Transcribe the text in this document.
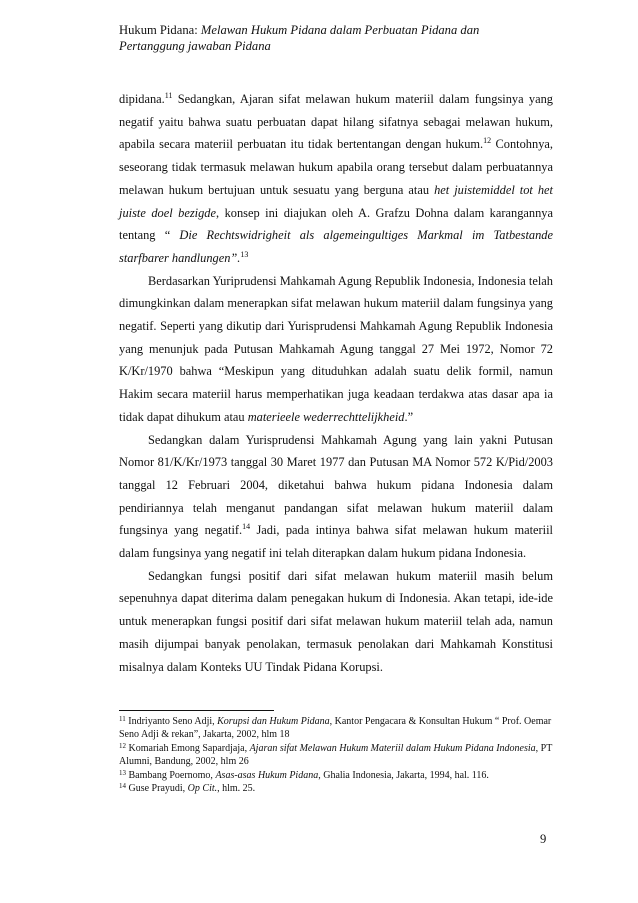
Hukum Pidana: Melawan Hukum Pidana dalam Perbuatan Pidana dan
Pertanggung jawaban Pidana

dipidana.$^{11}$ Sedangkan, Ajaran sifat melawan hukum materiil dalam fungsinya yang negatif yaitu bahwa suatu perbuatan dapat hilang sifatnya sebagai melawan hukum, apabila secara materiil perbuatan itu tidak bertentangan dengan hukum.$^{12}$ Contohnya, seseorang tidak termasuk melawan hukum apabila orang tersebut dalam perbuatannya melawan hukum bertujuan untuk sesuatu yang berguna atau het juistemiddel tot het juiste doel bezigde, konsep ini diajukan oleh A. Grafzu Dohna dalam karangannya tentang “ Die Rechtswidrigheit als algemeingultiges Markmal im Tatbestande starfbarer handlungen”.$^{13}$

Berdasarkan Yuriprudensi Mahkamah Agung Republik Indonesia, Indonesia telah dimungkinkan dalam menerapkan sifat melawan hukum materiil dalam fungsinya yang negatif. Seperti yang dikutip dari Yurisprudensi Mahkamah Agung Republik Indonesia yang menunjuk pada Putusan Mahkamah Agung tanggal 27 Mei 1972, Nomor 72 K/Kr/1970 bahwa “Meskipun yang dituduhkan adalah suatu delik formil, namun Hakim secara materiil harus memperhatikan juga keadaan terdakwa atas dasar apa ia tidak dapat dihukum atau materieele wederrechttelijkheid.”

Sedangkan dalam Yurisprudensi Mahkamah Agung yang lain yakni Putusan Nomor 81/K/Kr/1973 tanggal 30 Maret 1977 dan Putusan MA Nomor 572 K/Pid/2003 tanggal 12 Februari 2004, diketahui bahwa hukum pidana Indonesia dalam pendiriannya telah menganut pandangan sifat melawan hukum materiil dalam fungsinya yang negatif.$^{14}$ Jadi, pada intinya bahwa sifat melawan hukum materiil dalam fungsinya yang negatif ini telah diterapkan dalam hukum pidana Indonesia.

Sedangkan fungsi positif dari sifat melawan hukum materiil masih belum sepenuhnya dapat diterima dalam penegakan hukum di Indonesia. Akan tetapi, ide-ide untuk menerapkan fungsi positif dari sifat melawan hukum materiil telah ada, namun masih dijumpai banyak penolakan, termasuk penolakan dari Mahkamah Konstitusi misalnya dalam Konteks UU Tindak Pidana Korupsi.

$^{11}$ Indriyanto Seno Adji, Korupsi dan Hukum Pidana, Kantor Pengacara & Konsultan Hukum “ Prof. Oemar Seno Adji & rekan”, Jakarta, 2002, hlm 18

$^{12}$ Komariah Emong Sapardjaja, Ajaran sifat Melawan Hukum Materiil dalam Hukum Pidana Indonesia, PT Alumni, Bandung, 2002, hlm 26

$^{13}$ Bambang Poernomo, Asas-asas Hukum Pidana, Ghalia Indonesia, Jakarta, 1994, hal. 116.

$^{14}$ Guse Prayudi, Op Cit., hlm. 25.

9
